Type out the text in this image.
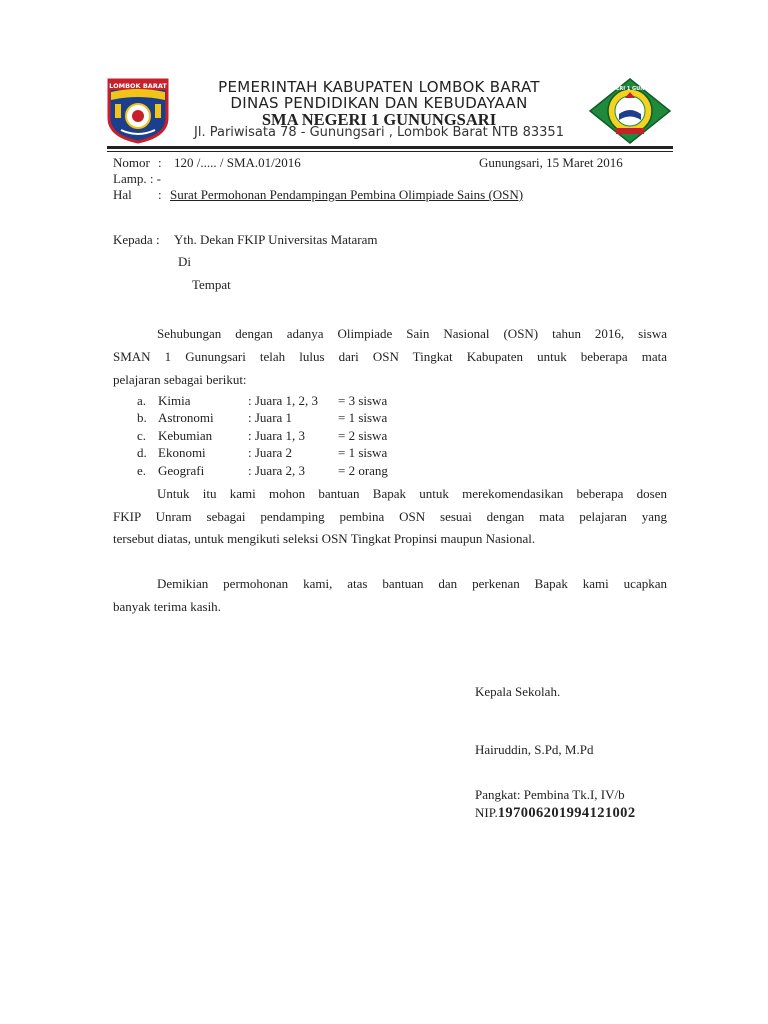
LOMBOK BARAT	SMA NEGERI 1 GUNUNGSARI
PEMERINTAH KABUPATEN LOMBOK BARAT
DINAS PENDIDIKAN DAN KEBUDAYAAN
SMA NEGERI 1 GUNUNGSARI
Jl. Pariwisata 78 - Gunungsari , Lombok Barat NTB 83351
Nomor : 120 /..... / SMA.01/2016	Gunungsari, 15 Maret 2016
Lamp. : -
Hal : Surat Permohonan Pendampingan Pembina Olimpiade Sains (OSN)
Kepada : Yth. Dekan FKIP Universitas Mataram
Di
Tempat
Sehubungan dengan adanya Olimpiade Sain Nasional (OSN) tahun 2016, siswa
SMAN 1 Gunungsari telah lulus dari OSN Tingkat Kabupaten untuk beberapa mata
pelajaran sebagai berikut:
a. Kimia	: Juara 1, 2, 3 = 3 siswa
b. Astronomi	: Juara 1	= 1 siswa
c. Kebumian	: Juara 1, 3	= 2 siswa
d. Ekonomi	: Juara 2	= 1 siswa
e. Geografi	: Juara 2, 3	= 2 orang
Untuk itu kami mohon bantuan Bapak untuk merekomendasikan beberapa dosen
FKIP Unram sebagai pendamping pembina OSN sesuai dengan mata pelajaran yang
tersebut diatas, untuk mengikuti seleksi OSN Tingkat Propinsi maupun Nasional.
Demikian permohonan kami, atas bantuan dan perkenan Bapak kami ucapkan
banyak terima kasih.
Kepala Sekolah.
Hairuddin, S.Pd, M.Pd
Pangkat: Pembina Tk.I, IV/b
NIP.197006201994121002
